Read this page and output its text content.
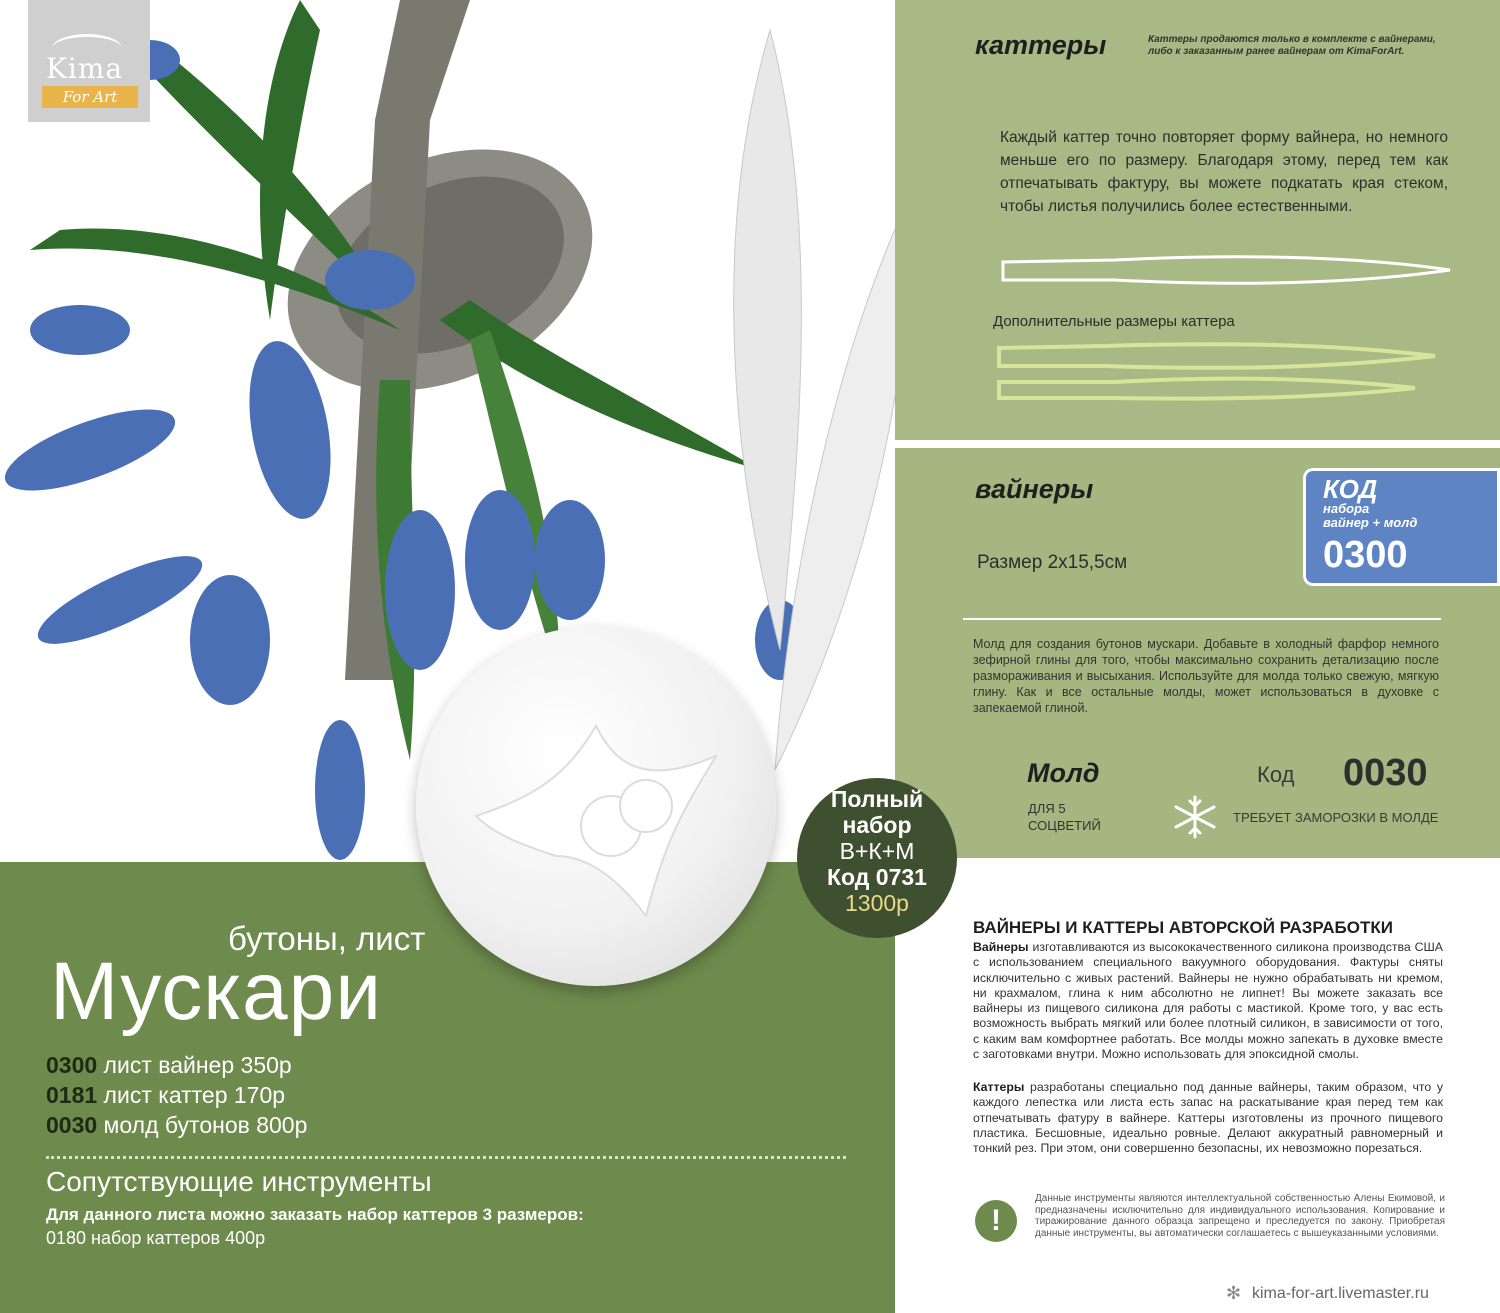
Kima
For Art
каттеры	Каттеры продаются только в комплекте с вайнерами, либо к заказанным ранее вайнерам от KimaForArt.
Каждый каттер точно повторяет форму вайнера, но немного меньше его по размеру. Благодаря этому, перед тем как отпечатывать фактуру, вы можете подкатать края стеком, чтобы листья получились более естественными.
Дополнительные размеры каттера
вайнеры
Размер 2х15,5см
КОД
набора
вайнер + молд
0300
Молд для создания бутонов мускари. Добавьте в холодный фарфор немного зефирной глины для того, чтобы максимально сохранить детализацию после размораживания и высыхания. Используйте для молда только свежую, мягкую глину. Как и все остальные молды, может использоваться в духовке с запекаемой глиной.
Молд
ДЛЯ 5
СОЦВЕТИЙ
Код 0030
ТРЕБУЕТ ЗАМОРОЗКИ В МОЛДЕ
Полный
набор
В+К+М
Код 0731
1300р
бутоны, лист
Мускари
0300 лист вайнер 350р
0181 лист каттер 170р
0030 молд бутонов 800р
Сопутствующие инструменты
Для данного листа можно заказать набор каттеров 3 размеров:
0180 набор каттеров 400р
ВАЙНЕРЫ И КАТТЕРЫ АВТОРСКОЙ РАЗРАБОТКИ
Вайнеры изготавливаются из высококачественного силикона производства США с использованием специального вакуумного оборудования. Фактуры сняты исключительно с живых растений. Вайнеры не нужно обрабатывать ни кремом, ни крахмалом, глина к ним абсолютно не липнет! Вы можете заказать все вайнеры из пищевого силикона для работы с мастикой. Кроме того, у вас есть возможность выбрать мягкий или более плотный силикон, в зависимости от того, с каким вам комфортнее работать. Все молды можно запекать в духовке вместе с заготовками внутри. Можно использовать для эпоксидной смолы.
Каттеры разработаны специально под данные вайнеры, таким образом, что у каждого лепестка или листа есть запас на раскатывание края перед тем как отпечатывать фатуру в вайнере. Каттеры изготовлены из прочного пищевого пластика. Бесшовные, идеально ровные. Делают аккуратный равномерный и тонкий рез. При этом, они совершенно безопасны, их невозможно порезаться.
!
Данные инструменты являются интеллектуальной собственностью Алены Екимовой, и предназначены исключительно для индивидуального использования. Копирование и тиражирование данного образца запрещено и преследуется по закону. Приобретая данные инструменты, вы автоматически соглашаетесь с вышеуказанными условиями.
✻ kima-for-art.livemaster.ru
